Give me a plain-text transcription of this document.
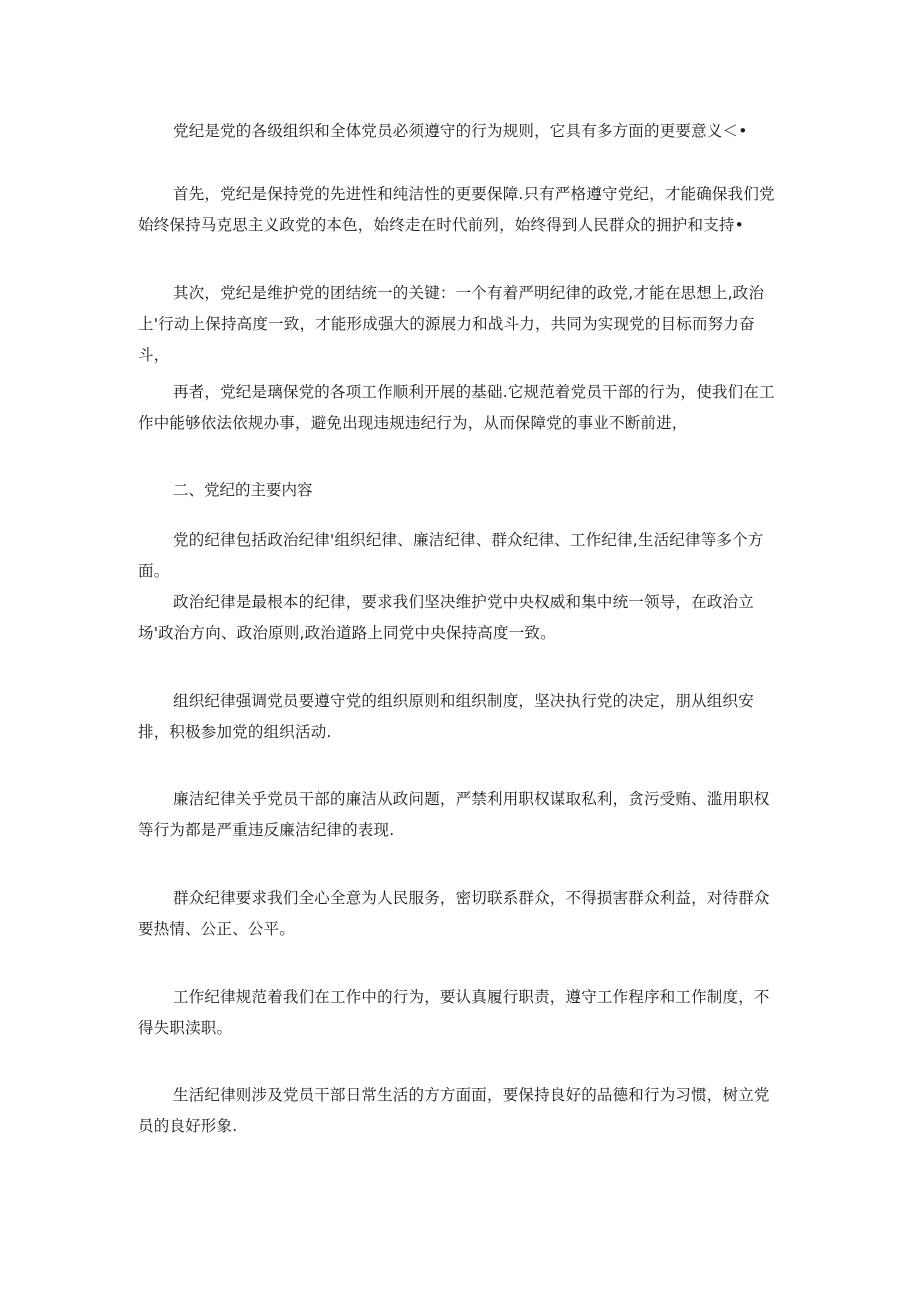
党纪是党的各级组织和全体党员必须遵守的行为规则，它具有多方面的更要意义＜•

首先，党纪是保持党的先进性和纯洁性的更要保障.只有严格遵守党纪，才能确保我们党始终保持马克思主义政党的本色，始终走在时代前列，始终得到人民群众的拥护和支持•

其次，党纪是维护党的团结统一的关键：一个有着严明纪律的政党,才能在思想上,政治上'行动上保持高度一致，才能形成强大的源展力和战斗力，共同为实现党的目标而努力奋斗，

再者，党纪是璃保党的各项工作顺利开展的基础.它规范着党员干部的行为，使我们在工作中能够依法依规办事，避免出现违规违纪行为，从而保障党的事业不断前进，

二、党纪的主要内容

党的纪律包括政治纪律'组织纪律、廉洁纪律、群众纪律、工作纪律,生活纪律等多个方面。

政治纪律是最根本的纪律，要求我们坚决维护党中央权威和集中统一领导，在政治立场'政治方向、政治原则,政治道路上同党中央保持高度一致。

组织纪律强调党员要遵守党的组织原则和组织制度，坚决执行党的决定，朋从组织安排，积极参加党的组织活动.

廉洁纪律关乎党员干部的廉洁从政问题，严禁利用职权谋取私利，贪污受贿、滥用职权等行为都是严重违反廉洁纪律的表现.

群众纪律要求我们全心全意为人民服务，密切联系群众，不得损害群众利益，对待群众要热情、公正、公平。

工作纪律规范着我们在工作中的行为，要认真履行职责，遵守工作程序和工作制度，不得失职渎职。

生活纪律则涉及党员干部日常生活的方方面面，要保持良好的品德和行为习惯，树立党员的良好形象.
